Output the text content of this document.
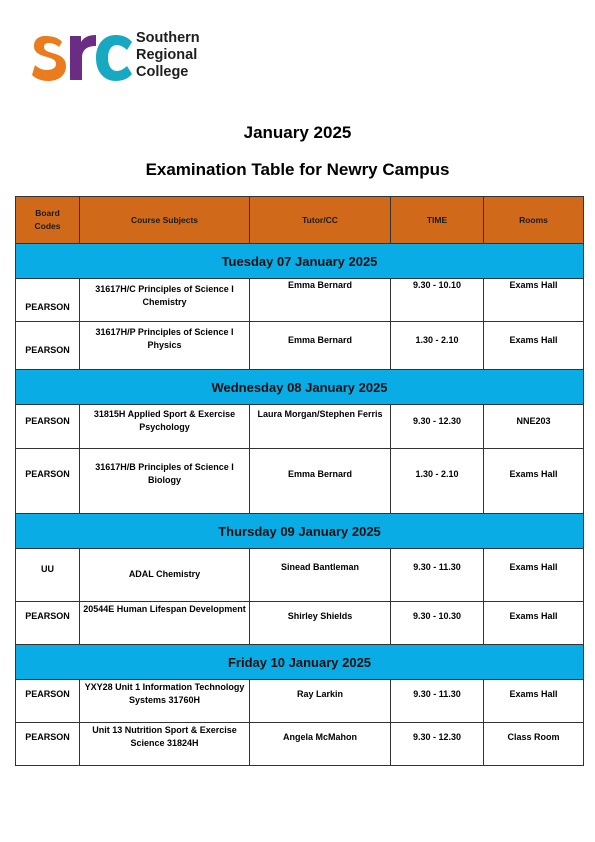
Southern
Regional
College
January 2025
Examination Table for Newry Campus
Board Codes	Course Subjects	Tutor/CC	TIME	Rooms
Tuesday 07 January 2025				
PEARSON	31617H/C Principles of Science I Chemistry	Emma Bernard	9.30 - 10.10	Exams Hall
PEARSON	31617H/P Principles of Science I Physics	Emma Bernard	1.30 - 2.10	Exams Hall
Wednesday 08 January 2025				
PEARSON	31815H Applied Sport & Exercise Psychology	Laura Morgan/Stephen Ferris	9.30 - 12.30	NNE203
PEARSON	31617H/B Principles of Science I Biology	Emma Bernard	1.30 - 2.10	Exams Hall
Thursday 09 January 2025				
UU	ADAL Chemistry	Sinead Bantleman	9.30 - 11.30	Exams Hall
PEARSON	20544E Human Lifespan Development	Shirley Shields	9.30 - 10.30	Exams Hall
Friday 10 January 2025				
PEARSON	YXY28 Unit 1 Information Technology Systems 31760H	Ray Larkin	9.30 - 11.30	Exams Hall
PEARSON	Unit 13 Nutrition Sport & Exercise Science 31824H	Angela McMahon	9.30 - 12.30	Class Room
